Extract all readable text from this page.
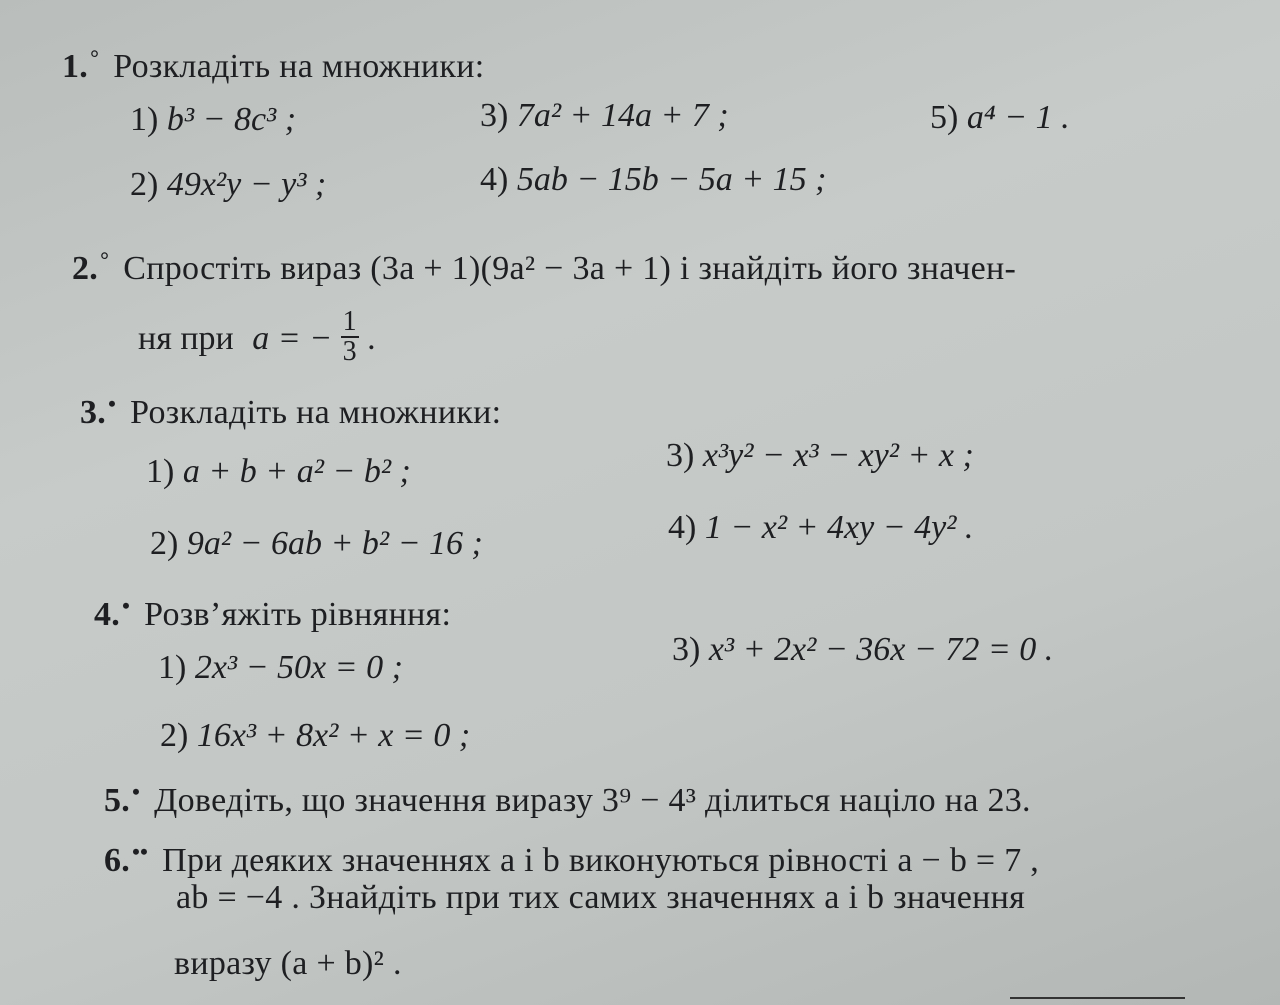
1.° Розкладіть на множники:
1) b³ − 8c³ ;	3) 7a² + 14a + 7 ;	5) a⁴ − 1 .
2) 49x²y − y³ ;	4) 5ab − 15b − 5a + 15 ;
2.° Спростіть вираз (3a + 1)(9a² − 3a + 1) і знайдіть його значен-
ня при a = − $\frac{1}{3}$ .
3.• Розкладіть на множники:
1) a + b + a² − b² ;	3) x³y² − x³ − xy² + x ;
2) 9a² − 6ab + b² − 16 ;	4) 1 − x² + 4xy − 4y² .
4.• Розв’яжіть рівняння:
1) 2x³ − 50x = 0 ;	3) x³ + 2x² − 36x − 72 = 0 .
2) 16x³ + 8x² + x = 0 ;
5.• Доведіть, що значення виразу 3⁹ − 4³ ділиться націло на 23.
6.•• При деяких значеннях a і b виконуються рівності a − b = 7 ,
ab = −4 . Знайдіть при тих самих значеннях a і b значення
виразу (a + b)² .
